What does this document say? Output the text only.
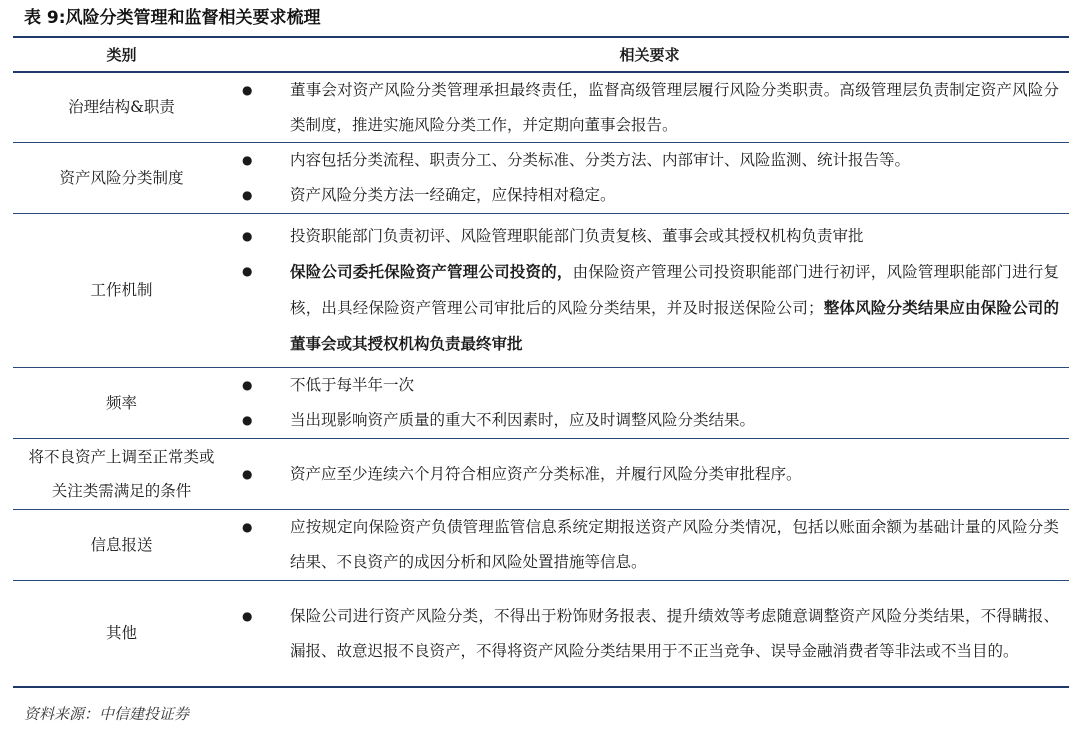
表 9:风险分类管理和监督相关要求梳理
类别	相关要求
治理结构&职责
●	董事会对资产风险分类管理承担最终责任，监督高级管理层履行风险分类职责。高级管理层负责制定资产风险分类制度，推进实施风险分类工作，并定期向董事会报告。
资产风险分类制度
●	内容包括分类流程、职责分工、分类标准、分类方法、内部审计、风险监测、统计报告等。
●	资产风险分类方法一经确定，应保持相对稳定。
工作机制
●	投资职能部门负责初评、风险管理职能部门负责复核、董事会或其授权机构负责审批
●	保险公司委托保险资产管理公司投资的，由保险资产管理公司投资职能部门进行初评，风险管理职能部门进行复核，出具经保险资产管理公司审批后的风险分类结果，并及时报送保险公司；整体风险分类结果应由保险公司的董事会或其授权机构负责最终审批
频率
●	不低于每半年一次
●	当出现影响资产质量的重大不利因素时，应及时调整风险分类结果。
将不良资产上调至正常类或关注类需满足的条件
●	资产应至少连续六个月符合相应资产分类标准，并履行风险分类审批程序。
信息报送
●	应按规定向保险资产负债管理监管信息系统定期报送资产风险分类情况，包括以账面余额为基础计量的风险分类结果、不良资产的成因分析和风险处置措施等信息。
其他
●	保险公司进行资产风险分类，不得出于粉饰财务报表、提升绩效等考虑随意调整资产风险分类结果，不得瞒报、漏报、故意迟报不良资产，不得将资产风险分类结果用于不正当竞争、误导金融消费者等非法或不当目的。
资料来源：中信建投证券
